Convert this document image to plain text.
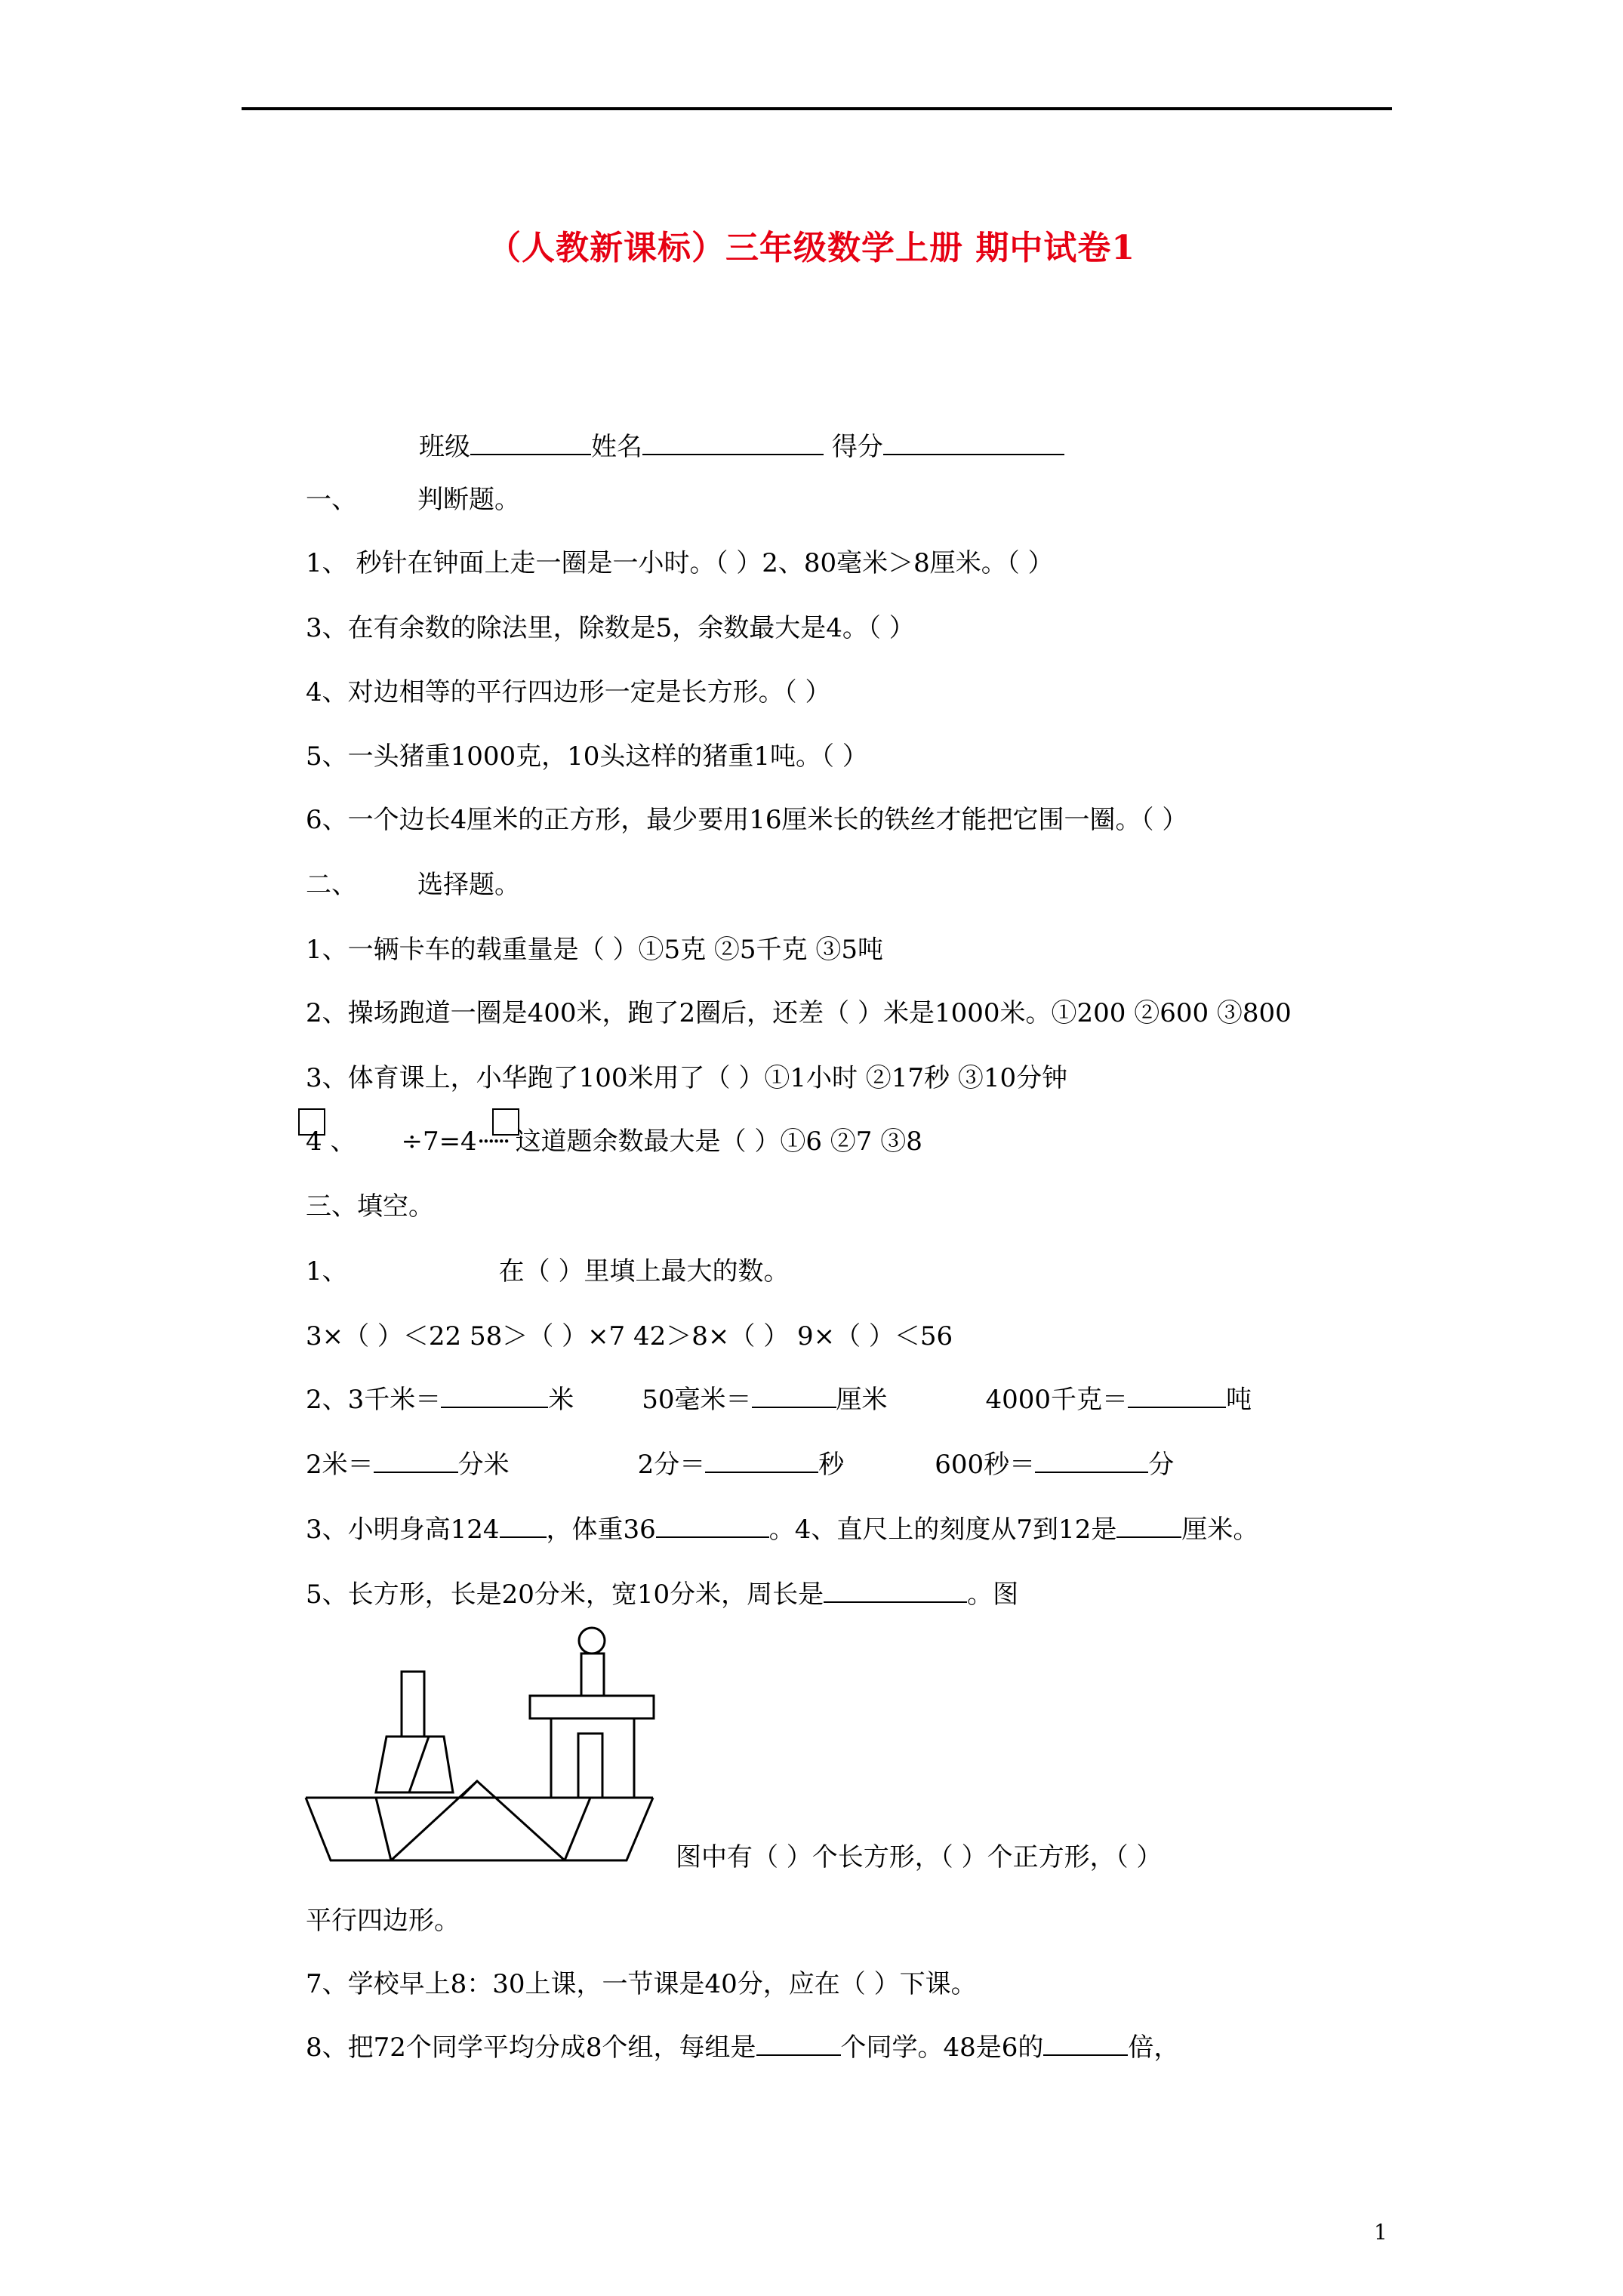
（人教新课标）三年级数学上册 期中试卷1
班级	姓名	得分
一、 判断题。
1、 秒针在钟面上走一圈是一小时。（ ）2、80毫米＞8厘米。（ ）
3、在有余数的除法里，除数是5，余数最大是4。（ ）
4、对边相等的平行四边形一定是长方形。（ ）
5、一头猪重1000克，10头这样的猪重1吨。（ ）
6、一个边长4厘米的正方形，最少要用16厘米长的铁丝才能把它围一圈。（ ）
二、 选择题。
1、一辆卡车的载重量是（ ）①5克 ②5千克 ③5吨
2、操场跑道一圈是400米，跑了2圈后，还差（ ）米是1000米。①200 ②600 ③800
3、体育课上，小华跑了100米用了（ ）①1小时 ②17秒 ③10分钟
4 、 ÷7=4······ 这道题余数最大是（ ）①6 ②7 ③8
三、填空。
1、	在（ ）里填上最大的数。
3×（ ）＜22 58＞（ ）×7 42＞8×（ ） 9×（ ）＜56
2、3千米＝	米	50毫米＝	厘米	4000千克＝	吨
2米＝	分米	2分＝	秒	600秒＝	分
3、小明身高124 ，体重36	。4、直尺上的刻度从7到12是	厘米。
5、长方形，长是20分米，宽10分米，周长是	。图
图中有（ ）个长方形，（ ）个正方形，（ ）
平行四边形。
7、学校早上8：30上课，一节课是40分，应在（ ）下课。
8、把72个同学平均分成8个组，每组是	个同学。48是6的	倍，
1
